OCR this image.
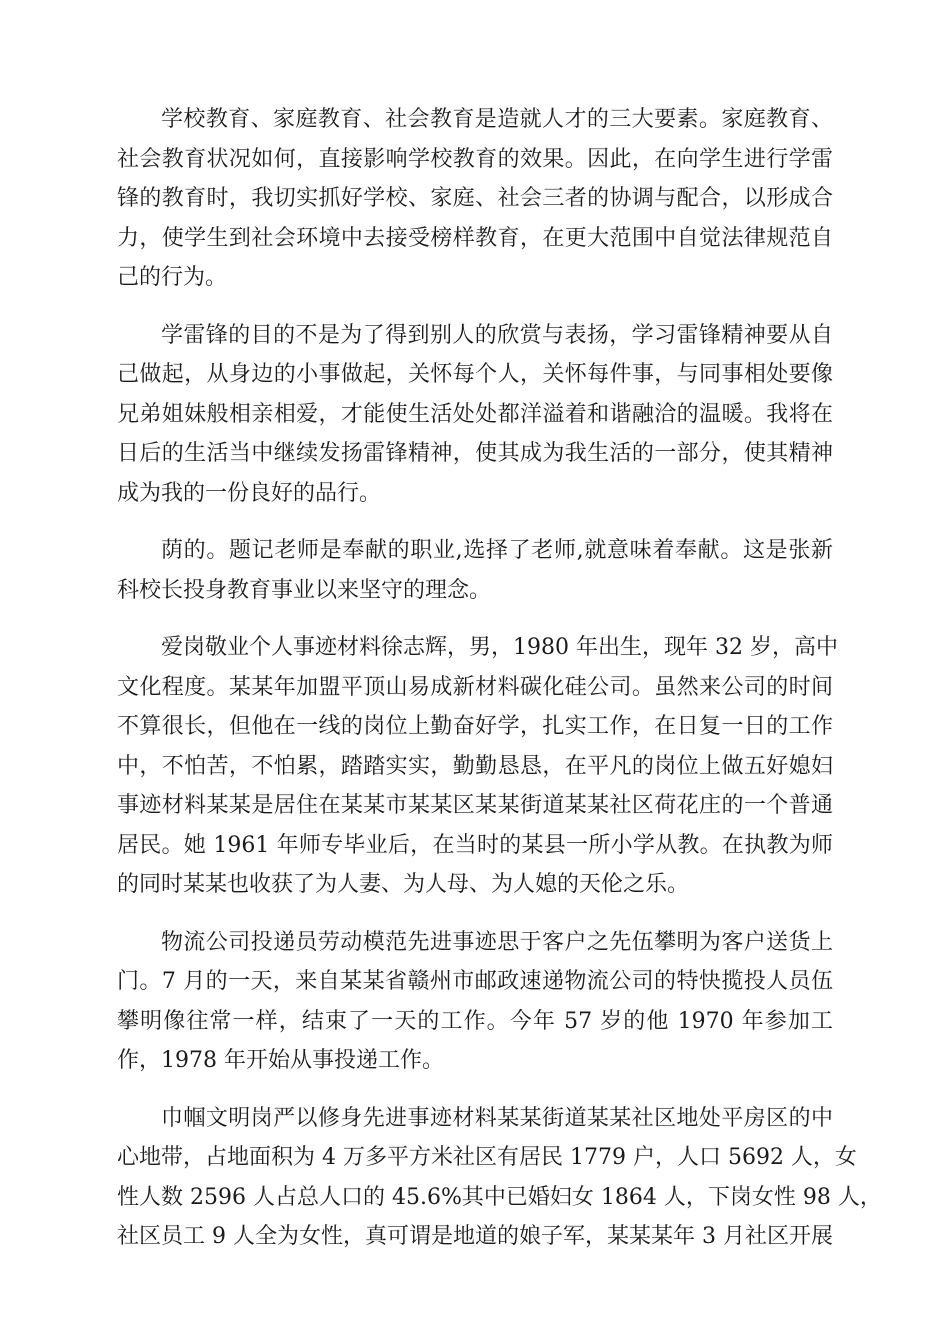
学校教育、家庭教育、社会教育是造就人才的三大要素。家庭教育、
社会教育状况如何，直接影响学校教育的效果。因此，在向学生进行学雷
锋的教育时，我切实抓好学校、家庭、社会三者的协调与配合，以形成合
力，使学生到社会环境中去接受榜样教育，在更大范围中自觉法律规范自
己的行为。
学雷锋的目的不是为了得到别人的欣赏与表扬，学习雷锋精神要从自
己做起，从身边的小事做起，关怀每个人，关怀每件事，与同事相处要像
兄弟姐妹般相亲相爱，才能使生活处处都洋溢着和谐融洽的温暖。我将在
日后的生活当中继续发扬雷锋精神，使其成为我生活的一部分，使其精神
成为我的一份良好的品行。
荫的。题记老师是奉献的职业,选择了老师,就意味着奉献。这是张新
科校长投身教育事业以来坚守的理念。
爱岗敬业个人事迹材料徐志辉，男，1980 年出生，现年 32 岁，高中
文化程度。某某年加盟平顶山易成新材料碳化硅公司。虽然来公司的时间
不算很长，但他在一线的岗位上勤奋好学，扎实工作，在日复一日的工作
中，不怕苦，不怕累，踏踏实实，勤勤恳恳，在平凡的岗位上做五好媳妇
事迹材料某某是居住在某某市某某区某某街道某某社区荷花庄的一个普通
居民。她 1961 年师专毕业后，在当时的某县一所小学从教。在执教为师
的同时某某也收获了为人妻、为人母、为人媳的天伦之乐。
物流公司投递员劳动模范先进事迹思于客户之先伍攀明为客户送货上
门。7 月的一天，来自某某省赣州市邮政速递物流公司的特快揽投人员伍
攀明像往常一样，结束了一天的工作。今年 57 岁的他 1970 年参加工
作，1978 年开始从事投递工作。
巾帼文明岗严以修身先进事迹材料某某街道某某社区地处平房区的中
心地带，占地面积为 4 万多平方米社区有居民 1779 户，人口 5692 人，女
性人数 2596 人占总人口的 45.6%其中已婚妇女 1864 人，下岗女性 98 人，
社区员工 9 人全为女性，真可谓是地道的娘子军，某某某年 3 月社区开展
